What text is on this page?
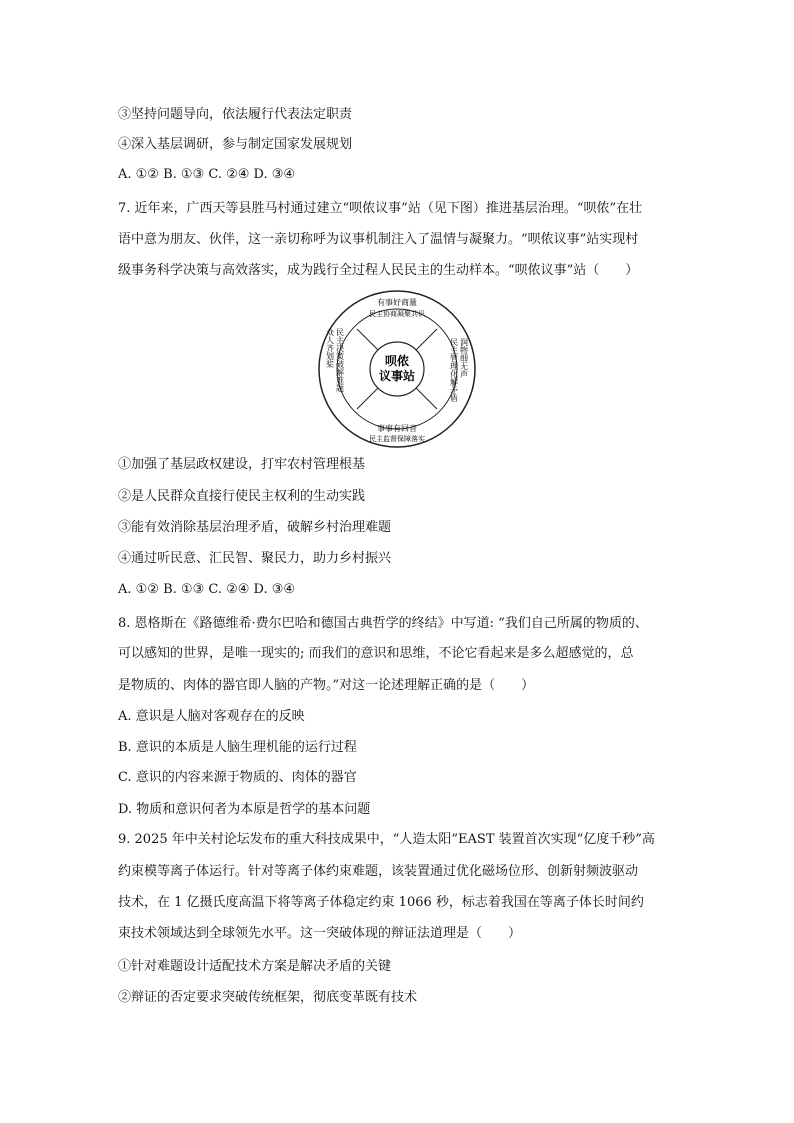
③坚持问题导向，依法履行代表法定职责
④深入基层调研，参与制定国家发展规划
A. ①② B. ①③ C. ②④ D. ③④
7. 近年来，广西天等县胜马村通过建立“呗侬议事”站（见下图）推进基层治理。“呗侬”在壮
语中意为朋友、伙伴，这一亲切称呼为议事机制注入了温情与凝聚力。“呗侬议事”站实现村
级事务科学决策与高效落实，成为践行全过程人民民主的生动样本。“呗侬议事”站（　　）
呗侬
议事站
有事好商量
民主协商凝聚共识
事事有回音
民主监督保障落实
民主管理化解矛盾 润物细无声
众人齐划桨 民主决策破解难题
①加强了基层政权建设，打牢农村管理根基
②是人民群众直接行使民主权利的生动实践
③能有效消除基层治理矛盾，破解乡村治理难题
④通过听民意、汇民智、聚民力，助力乡村振兴
A. ①② B. ①③ C. ②④ D. ③④
8. 恩格斯在《路德维希·费尔巴哈和德国古典哲学的终结》中写道: “我们自己所属的物质的、
可以感知的世界，是唯一现实的; 而我们的意识和思维，不论它看起来是多么超感觉的，总
是物质的、肉体的器官即人脑的产物。”对这一论述理解正确的是（　　）
A. 意识是人脑对客观存在的反映
B. 意识的本质是人脑生理机能的运行过程
C. 意识的内容来源于物质的、肉体的器官
D. 物质和意识何者为本原是哲学的基本问题
9. 2025 年中关村论坛发布的重大科技成果中，“人造太阳”EAST 装置首次实现“亿度千秒”高
约束模等离子体运行。针对等离子体约束难题，该装置通过优化磁场位形、创新射频波驱动
技术，在 1 亿摄氏度高温下将等离子体稳定约束 1066 秒，标志着我国在等离子体长时间约
束技术领域达到全球领先水平。这一突破体现的辩证法道理是（　　）
①针对难题设计适配技术方案是解决矛盾的关键
②辩证的否定要求突破传统框架，彻底变革既有技术
